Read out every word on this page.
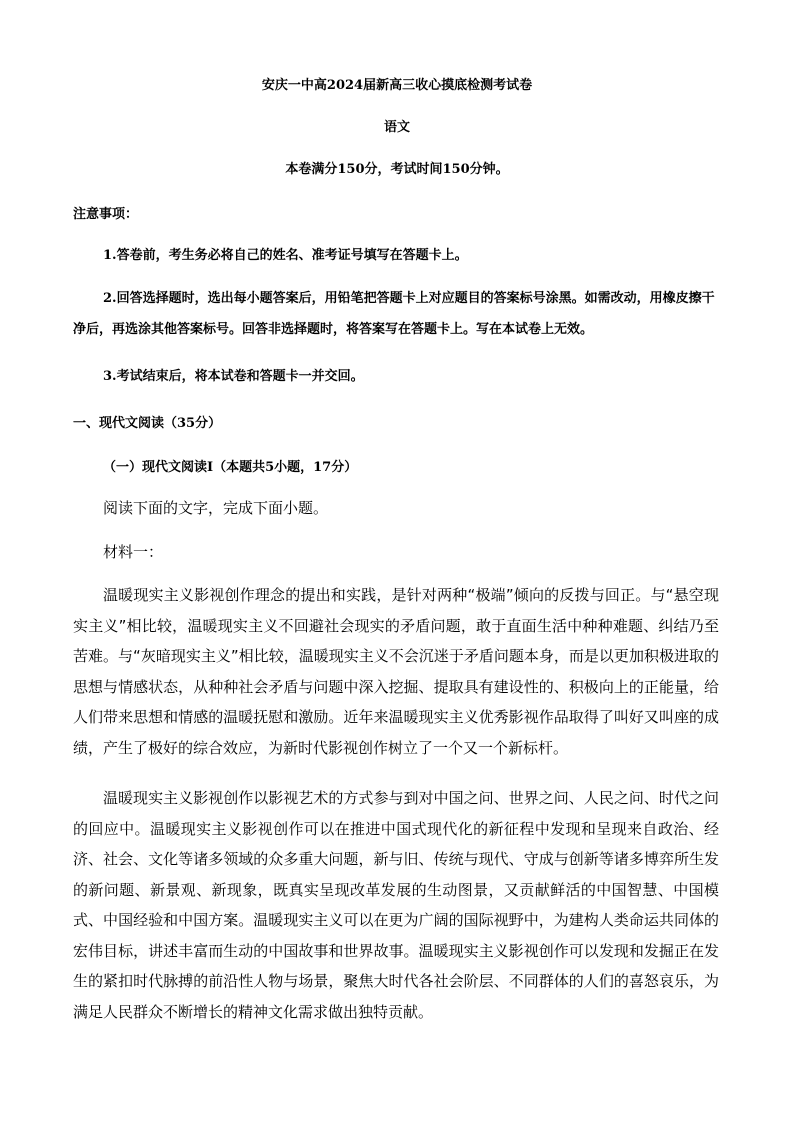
安庆一中高2024届新高三收心摸底检测考试卷
语文
本卷满分150分，考试时间150分钟。
注意事项：

1.答卷前，考生务必将自己的姓名、准考证号填写在答题卡上。

2.回答选择题时，选出每小题答案后，用铅笔把答题卡上对应题目的答案标号涂黑。如需改动，用橡皮擦干净后，再选涂其他答案标号。回答非选择题时，将答案写在答题卡上。写在本试卷上无效。

3.考试结束后，将本试卷和答题卡一并交回。

一、现代文阅读（35分）
（一）现代文阅读Ⅰ（本题共5小题，17分）
阅读下面的文字，完成下面小题。
材料一：

温暖现实主义影视创作理念的提出和实践，是针对两种“极端”倾向的反拨与回正。与“悬空现实主义”相比较，温暖现实主义不回避社会现实的矛盾问题，敢于直面生活中种种难题、纠结乃至苦难。与“灰暗现实主义”相比较，温暖现实主义不会沉迷于矛盾问题本身，而是以更加积极进取的思想与情感状态，从种种社会矛盾与问题中深入挖掘、提取具有建设性的、积极向上的正能量，给人们带来思想和情感的温暖抚慰和激励。近年来温暖现实主义优秀影视作品取得了叫好又叫座的成绩，产生了极好的综合效应，为新时代影视创作树立了一个又一个新标杆。

温暖现实主义影视创作以影视艺术的方式参与到对中国之问、世界之问、人民之问、时代之问的回应中。温暖现实主义影视创作可以在推进中国式现代化的新征程中发现和呈现来自政治、经济、社会、文化等诸多领域的众多重大问题，新与旧、传统与现代、守成与创新等诸多博弈所生发的新问题、新景观、新现象，既真实呈现改革发展的生动图景，又贡献鲜活的中国智慧、中国模式、中国经验和中国方案。温暖现实主义可以在更为广阔的国际视野中，为建构人类命运共同体的宏伟目标，讲述丰富而生动的中国故事和世界故事。温暖现实主义影视创作可以发现和发掘正在发生的紧扣时代脉搏的前沿性人物与场景，聚焦大时代各社会阶层、不同群体的人们的喜怒哀乐，为满足人民群众不断增长的精神文化需求做出独特贡献。
